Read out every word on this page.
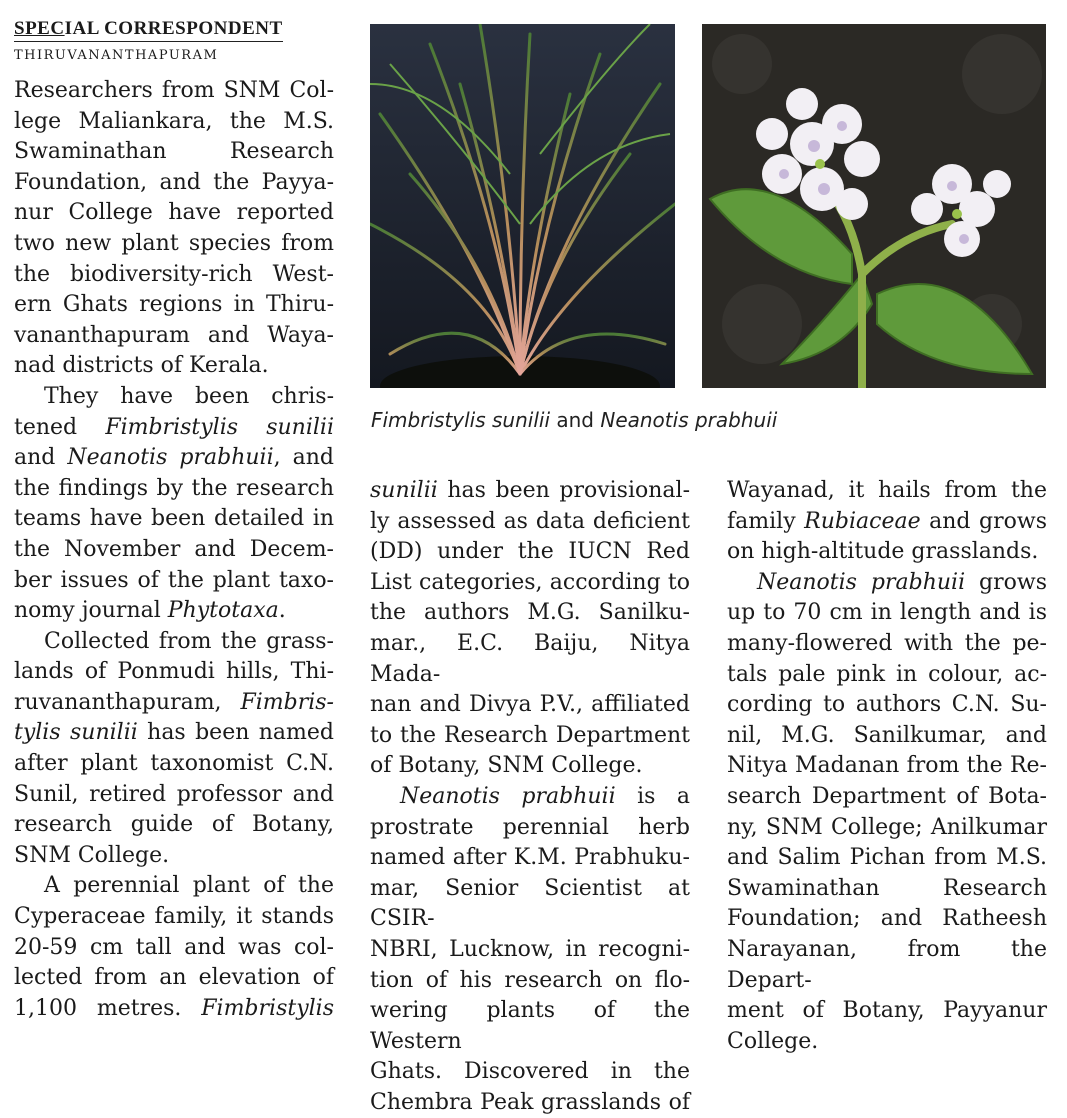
SPECIAL CORRESPONDENT
THIRUVANANTHAPURAM

Researchers from SNM Col-
lege Maliankara, the M.S.
Swaminathan Research
Foundation, and the Payya-
nur College have reported
two new plant species from
the biodiversity-rich West-
ern Ghats regions in Thiru-
vananthapuram and Waya-
nad districts of Kerala.

They have been chris-
tened Fimbristylis sunilii
and Neanotis prabhuii, and
the findings by the research
teams have been detailed in
the November and Decem-
ber issues of the plant taxo-
nomy journal Phytotaxa.
Collected from the grass-
lands of Ponmudi hills, Thi-
ruvananthapuram, Fimbris-
tylis sunilii has been named
after plant taxonomist C.N.
Sunil, retired professor and
research guide of Botany,
SNM College.
A perennial plant of the
Cyperaceae family, it stands
20-59 cm tall and was col-
lected from an elevation of
1,100 metres. Fimbristylis
Fimbristylis sunilii and Neanotis prabhuii
sunilii has been provisional-
ly assessed as data deficient
(DD) under the IUCN Red
List categories, according to
the authors M.G. Sanilku-
mar., E.C. Baiju, Nitya Mada-
nan and Divya P.V., affiliated
to the Research Department
of Botany, SNM College.
Neanotis prabhuii is a
prostrate perennial herb
named after K.M. Prabhuku-
mar, Senior Scientist at CSIR-
NBRI, Lucknow, in recogni-
tion of his research on flo-
wering plants of the Western
Ghats. Discovered in the
Chembra Peak grasslands of
Wayanad, it hails from the
family Rubiaceae and grows
on high-altitude grasslands.
Neanotis prabhuii grows
up to 70 cm in length and is
many-flowered with the pe-
tals pale pink in colour, ac-
cording to authors C.N. Su-
nil, M.G. Sanilkumar, and
Nitya Madanan from the Re-
search Department of Bota-
ny, SNM College; Anilkumar
and Salim Pichan from M.S.
Swaminathan Research
Foundation; and Ratheesh
Narayanan, from the Depart-
ment of Botany, Payyanur
College.
